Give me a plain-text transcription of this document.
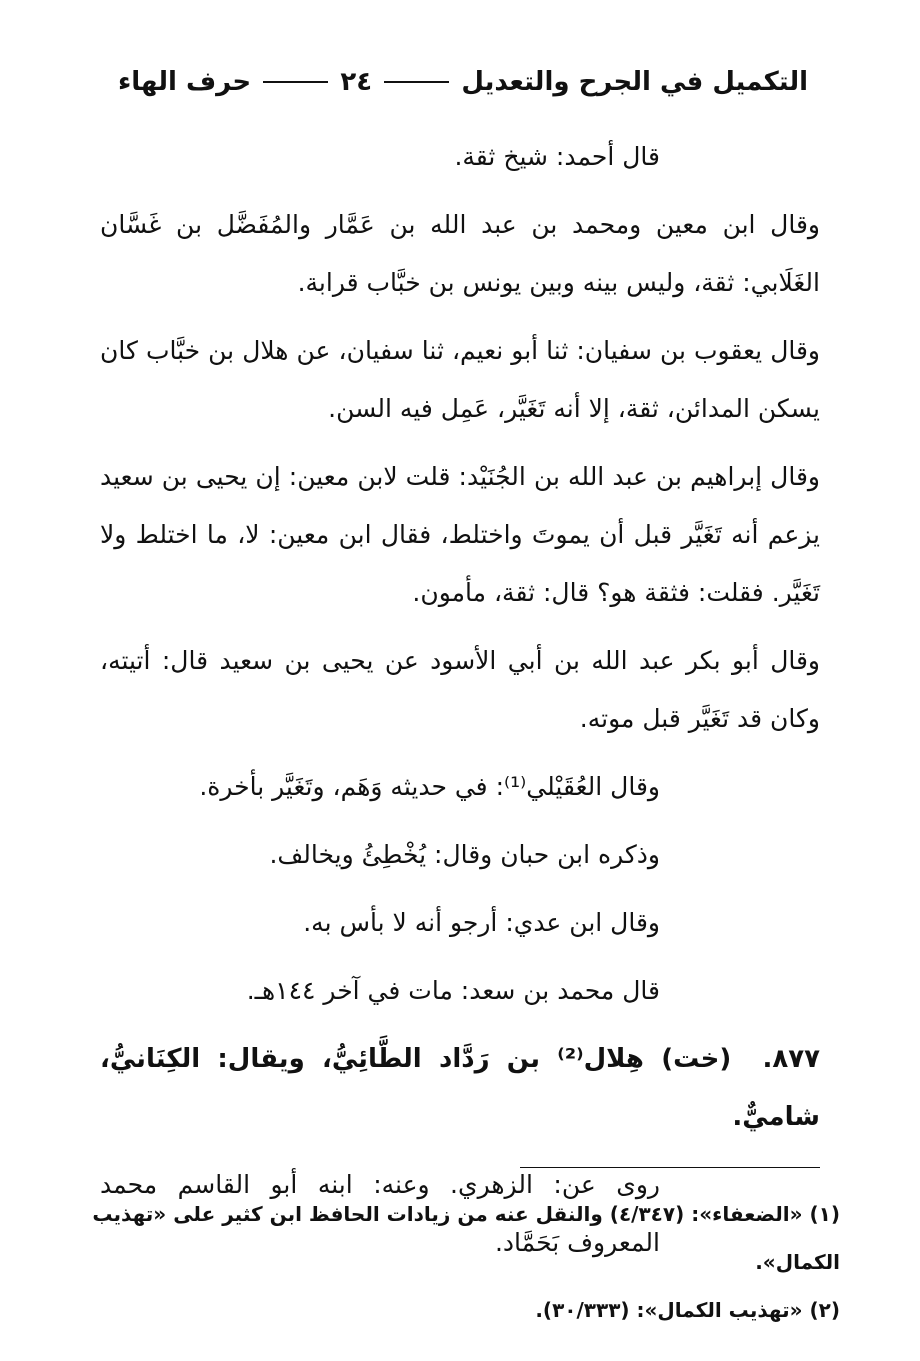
التكميل في الجرح والتعديل
٢٤
حرف الهاء

قال أحمد: شيخ ثقة.

وقال ابن معين ومحمد بن عبد الله بن عَمَّار والمُفَضَّل بن غَسَّان الغَلَابي: ثقة، وليس بينه وبين يونس بن خبَّاب قرابة.

وقال يعقوب بن سفيان: ثنا أبو نعيم، ثنا سفيان، عن هلال بن خبَّاب كان يسكن المدائن، ثقة، إلا أنه تَغَيَّر، عَمِل فيه السن.

وقال إبراهيم بن عبد الله بن الجُنَيْد: قلت لابن معين: إن يحيى بن سعيد يزعم أنه تَغَيَّر قبل أن يموتَ واختلط، فقال ابن معين: لا، ما اختلط ولا تَغَيَّر. فقلت: فثقة هو؟ قال: ثقة، مأمون.

وقال أبو بكر عبد الله بن أبي الأسود عن يحيى بن سعيد قال: أتيته، وكان قد تَغَيَّر قبل موته.

وقال العُقَيْلي⁽¹⁾: في حديثه وَهَم، وتَغَيَّر بأخرة.

وذكره ابن حبان وقال: يُخْطِئُ ويخالف.

وقال ابن عدي: أرجو أنه لا بأس به.

قال محمد بن سعد: مات في آخر ١٤٤هـ.

٨٧٧. (خت) هِلال⁽²⁾ بن رَدَّاد الطَّائِيُّ، ويقال: الكِنَانيُّ، شاميٌّ.

روى عن: الزهري. وعنه: ابنه أبو القاسم محمد المعروف بَحَمَّاد.

(١) «الضعفاء»: (٤/٣٤٧) والنقل عنه من زيادات الحافظ ابن كثير على «تهذيب الكمال».

(٢) «تهذيب الكمال»: (٣٠/٣٣٣).
